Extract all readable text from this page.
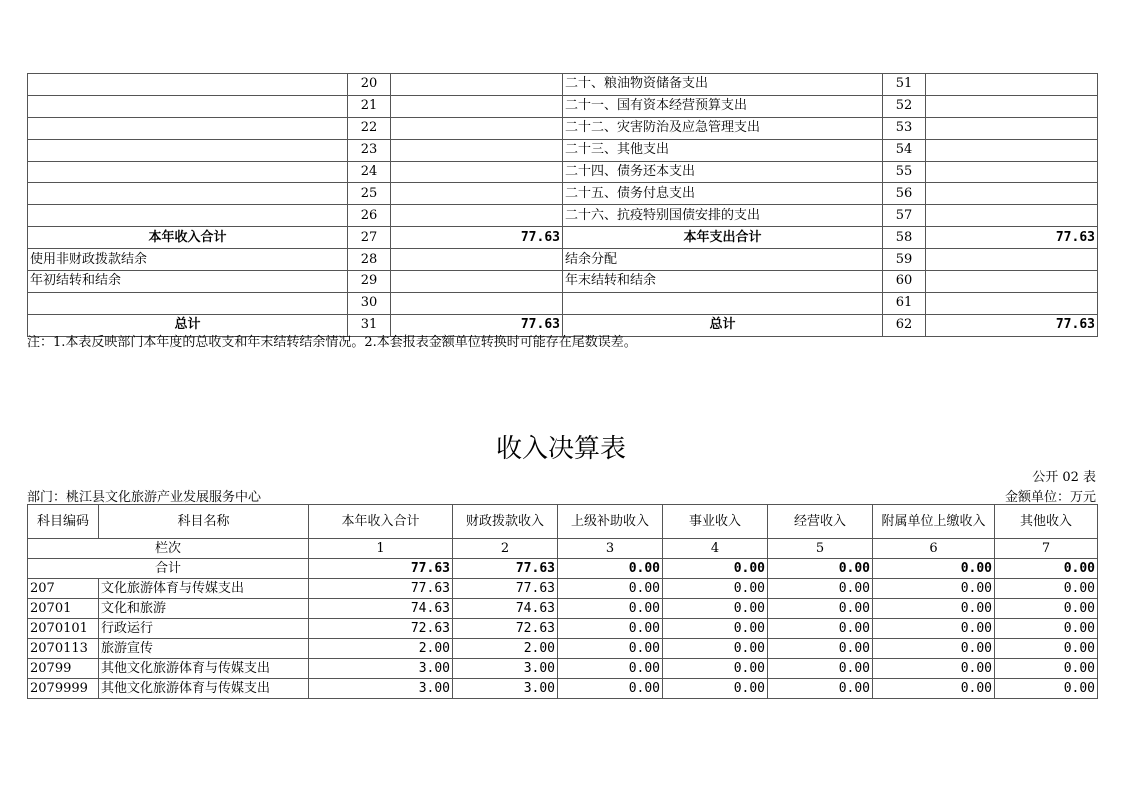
	20		二十、粮油物资储备支出	51	
	21		二十一、国有资本经营预算支出	52	
	22		二十二、灾害防治及应急管理支出	53	
	23		二十三、其他支出	54	
	24		二十四、债务还本支出	55	
	25		二十五、债务付息支出	56	
	26		二十六、抗疫特别国债安排的支出	57	
本年收入合计	27	77.63	本年支出合计	58	77.63
使用非财政拨款结余	28		结余分配	59	
年初结转和结余	29		年末结转和结余	60	
	30			61	
总计	31	77.63	总计	62	77.63
注：1.本表反映部门本年度的总收支和年末结转结余情况。2.本套报表金额单位转换时可能存在尾数误差。
收入决算表
公开 02 表
部门：桃江县文化旅游产业发展服务中心	金额单位：万元
科目编码	科目名称	本年收入合计	财政拨款收入	上级补助收入	事业收入	经营收入	附属单位上缴收入	其他收入
栏次		1	2	3	4	5	6	7
合计		77.63	77.63	0.00	0.00	0.00	0.00	0.00
207	文化旅游体育与传媒支出	77.63	77.63	0.00	0.00	0.00	0.00	0.00
20701	文化和旅游	74.63	74.63	0.00	0.00	0.00	0.00	0.00
2070101	行政运行	72.63	72.63	0.00	0.00	0.00	0.00	0.00
2070113	旅游宣传	2.00	2.00	0.00	0.00	0.00	0.00	0.00
20799	其他文化旅游体育与传媒支出	3.00	3.00	0.00	0.00	0.00	0.00	0.00
2079999	其他文化旅游体育与传媒支出	3.00	3.00	0.00	0.00	0.00	0.00	0.00
